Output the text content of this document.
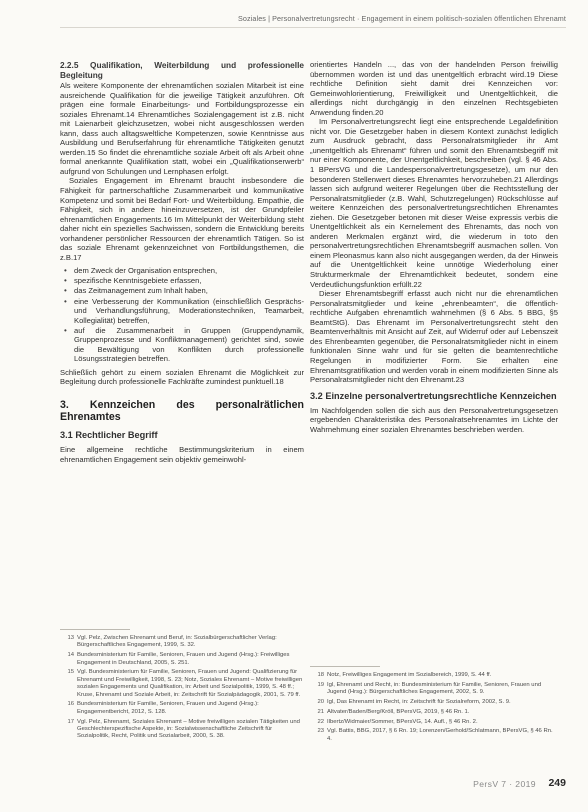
Soziales | Personalvertretungsrecht · Engagement in einem politisch-sozialen öffentlichen Ehrenamt
2.2.5 Qualifikation, Weiterbildung und professionelle Begleitung

Als weitere Komponente der ehrenamtlichen sozialen Mitarbeit ist eine ausreichende Qualifikation für die jeweilige Tätigkeit anzuführen. Oft prägen eine formale Einarbeitungs- und Fortbildungsprozesse ein soziales Ehrenamt.14 Ehrenamtliches Sozialengagement ist z.B. nicht mit Laienarbeit gleichzusetzen, wobei nicht ausgeschlossen werden kann, dass auch alltagsweltliche Kompetenzen, sowie Kenntnisse aus Ausbildung und Berufserfahrung für ehrenamtliche Tätigkeiten genutzt werden.15 So findet die ehrenamtliche soziale Arbeit oft als Arbeit ohne formal anerkannte Qualifikation statt, wobei ein „Qualifikationserwerb“ aufgrund von Schulungen und Lernphasen erfolgt.

Soziales Engagement im Ehrenamt braucht insbesondere die Fähigkeit für partnerschaftliche Zusammenarbeit und kommunikative Kompetenz und somit bei Bedarf Fort- und Weiterbildung. Empathie, die Fähigkeit, sich in andere hineinzuversetzen, ist der Grundpfeiler ehrenamtlichen Engagements.16 Im Mittelpunkt der Weiterbildung steht daher nicht ein spezielles Sachwissen, sondern die Entwicklung bereits vorhandener persönlicher Ressourcen der ehrenamtlich Tätigen. So ist das soziale Ehrenamt gekennzeichnet von Fortbildungsthemen, die z.B.17

• dem Zweck der Organisation entsprechen,
• spezifische Kenntnisgebiete erfassen,
• das Zeitmanagement zum Inhalt haben,
• eine Verbesserung der Kommunikation (einschließlich Gesprächs- und Verhandlungsführung, Moderationstechniken, Teamarbeit, Kollegialität) betreffen,
• auf die Zusammenarbeit in Gruppen (Gruppendynamik, Gruppenprozesse und Konfliktmanagement) gerichtet sind, sowie die Bewältigung von Konflikten durch professionelle Lösungsstrategien betreffen.

Schließlich gehört zu einem sozialen Ehrenamt die Möglichkeit zur Begleitung durch professionelle Fachkräfte zumindest punktuell.18

3. Kennzeichen des personalrätlichen Ehrenamtes
3.1 Rechtlicher Begriff

Eine allgemeine rechtliche Bestimmungskriterium in einem ehrenamtlichen Engagement sein objektiv gemeinwohl-

orientiertes Handeln ..., das von der handelnden Person freiwillig übernommen worden ist und das unentgeltlich erbracht wird.19 Diese rechtliche Definition sieht damit drei Kennzeichen vor: Gemeinwohlorientierung, Freiwilligkeit und Unentgeltlichkeit, die allerdings nicht durchgängig in den einzelnen Rechtsgebieten Anwendung finden.20

Im Personalvertretungsrecht liegt eine entsprechende Legaldefinition nicht vor. Die Gesetzgeber haben in diesem Kontext zunächst lediglich zum Ausdruck gebracht, dass Personalratsmitglieder ihr Amt „unentgeltlich als Ehrenamt“ führen und somit den Ehrenamtsbegriff mit nur einer Komponente, der Unentgeltlichkeit, beschreiben (vgl. § 46 Abs. 1 BPersVG und die Landespersonalvertretungsgesetze), um nur den besonderen Stellenwert dieses Ehrenamtes hervorzuheben.21 Allerdings lassen sich aufgrund weiterer Regelungen über die Rechtsstellung der Personalratsmitglieder (z.B. Wahl, Schutzregelungen) Rückschlüsse auf weitere Kennzeichen des personalvertretungsrechtlichen Ehrenamtes ziehen. Die Gesetzgeber betonen mit dieser Weise expressis verbis die Unentgeltlichkeit als ein Kernelement des Ehrenamts, das noch von anderen Merkmalen ergänzt wird, die wiederum in toto den personalvertretungsrechtlichen Ehrenamtsbegriff ausmachen sollen. Von einem Pleonasmus kann also nicht ausgegangen werden, da der Hinweis auf die Unentgeltlichkeit keine unnötige Wiederholung einer Strukturmerkmale der Ehrenamtlichkeit bedeutet, sondern eine Verdeutlichungsfunktion erfüllt.22

Dieser Ehrenamtsbegriff erfasst auch nicht nur die ehrenamtlichen Personalratsmitglieder und keine „ehrenbeamten“, die öffentlich-rechtliche Aufgaben ehrenamtlich wahrnehmen (§ 6 Abs. 5 BBG, §5 BeamtStG). Das Ehrenamt im Personalvertretungsrecht steht den Beamtenverhältnis mit Ansicht auf Zeit, auf Widerruf oder auf Lebenszeit des Ehrenbeamten gegenüber, die Personalratsmitglieder nicht in einem funktionalen Sinne wahr und für sie gelten die beamtenrechtliche Regelungen in modifizierter Form. Sie erhalten eine Ehrenamtsgratifikation und werden vorab in einem modifizierten Sinne als Personalratsmitglieder nicht den Ehrenamt.23

3.2 Einzelne personalvertretungsrechtliche Kennzeichen

Im Nachfolgenden sollen die sich aus den Personalvertretungsgesetzen ergebenden Charakteristika des Personalratsehrenamtes im Lichte der Wahrnehmung einer sozialen Ehrenamtes beschrieben werden.

13 Vgl. Pelz, Zwischen Ehrenamt und Beruf, in: Sozialbürgerschaftlicher Verlag: Bürgerschaftliches Engagement, 1999, S. 32.
14 Bundesministerium für Familie, Senioren, Frauen und Jugend (Hrsg.): Freiwilliges Engagement in Deutschland, 2005, S. 251.
15 Vgl. Bundesministerium für Familie, Senioren, Frauen und Jugend: Qualifizierung für Ehrenamt und Freiwilligkeit, 1998, S. 23; Notz, Soziales Ehrenamt – Motive freiwilligen sozialen Engagements und Qualifikation, in: Arbeit und Sozialpolitik, 1999, S. 48 ff.; Kruse, Ehrenamt und Soziale Arbeit, in: Zeitschrift für Sozialpädagogik, 2001, S. 79 ff.
16 Bundesministerium für Familie, Senioren, Frauen und Jugend (Hrsg.): Engagementbericht, 2012, S. 128.
17 Vgl. Pelz, Ehrenamt, Soziales Ehrenamt – Motive freiwilligen sozialen Tätigkeiten und Geschlechterspezifische Aspekte, in: Sozialwissenschaftliche Zeitschrift für Sozialpolitik, Recht, Politik und Sozialarbeit, 2000, S. 38.
18 Notz, Freiwilliges Engagement im Sozialbereich, 1999, S. 44 ff.
19 Igl, Ehrenamt und Recht, in: Bundesministerium für Familie, Senioren, Frauen und Jugend (Hrsg.): Bürgerschaftliches Engagement, 2002, S. 9.
20 Igl, Das Ehrenamt im Recht, in: Zeitschrift für Sozialreform, 2002, S. 9.
21 Altvater/Baden/Berg/Kröll, BPersVG, 2019, § 46 Rn. 1.
22 Ilbertz/Widmaier/Sommer, BPersVG, 14. Aufl., § 46 Rn. 2.
23 Vgl. Battis, BBG, 2017, § 6 Rn. 19; Lorenzen/Gerhold/Schlatmann, BPersVG, § 46 Rn. 4.
PersV 7 · 2019 249
